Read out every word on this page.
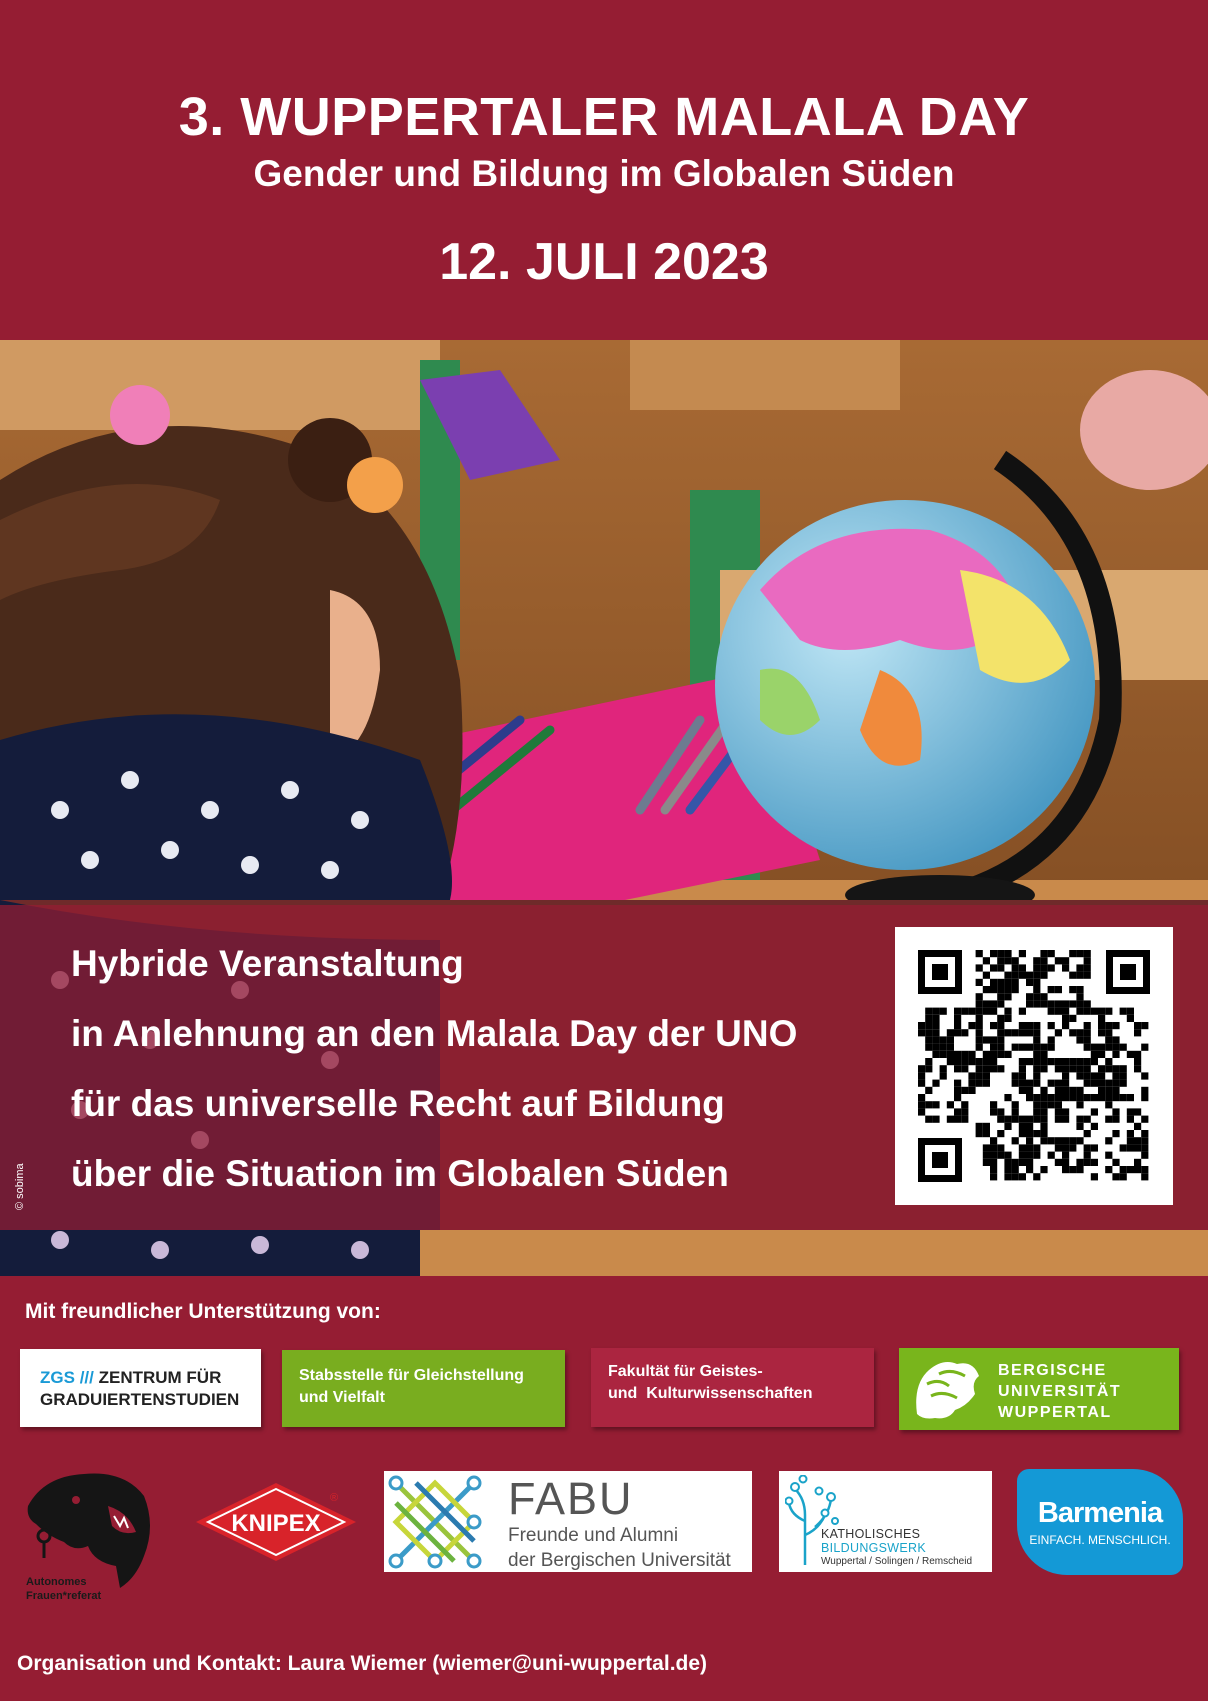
3. WUPPERTALER MALALA DAY
Gender und Bildung im Globalen Süden
12. JULI 2023
© sobima
Hybride Veranstaltung
in Anlehnung an den Malala Day der UNO
für das universelle Recht auf Bildung
über die Situation im Globalen Süden
Mit freundlicher Unterstützung von:
ZGS /// ZENTRUM FÜR
GRADUIERTENSTUDIEN
Stabsstelle für Gleichstellung
und Vielfalt
Fakultät für Geistes-
und  Kulturwissenschaften
BERGISCHE
UNIVERSITÄT
WUPPERTAL
Autonomes
Frauen*referat
KNIPEX
®	FABU
Freunde und Alumni
der Bergischen Universität
KATHOLISCHES
BILDUNGSWERK
Wuppertal / Solingen / Remscheid
Barmenia
EINFACH. MENSCHLICH.
Organisation und Kontakt: Laura Wiemer (wiemer@uni-wuppertal.de)
